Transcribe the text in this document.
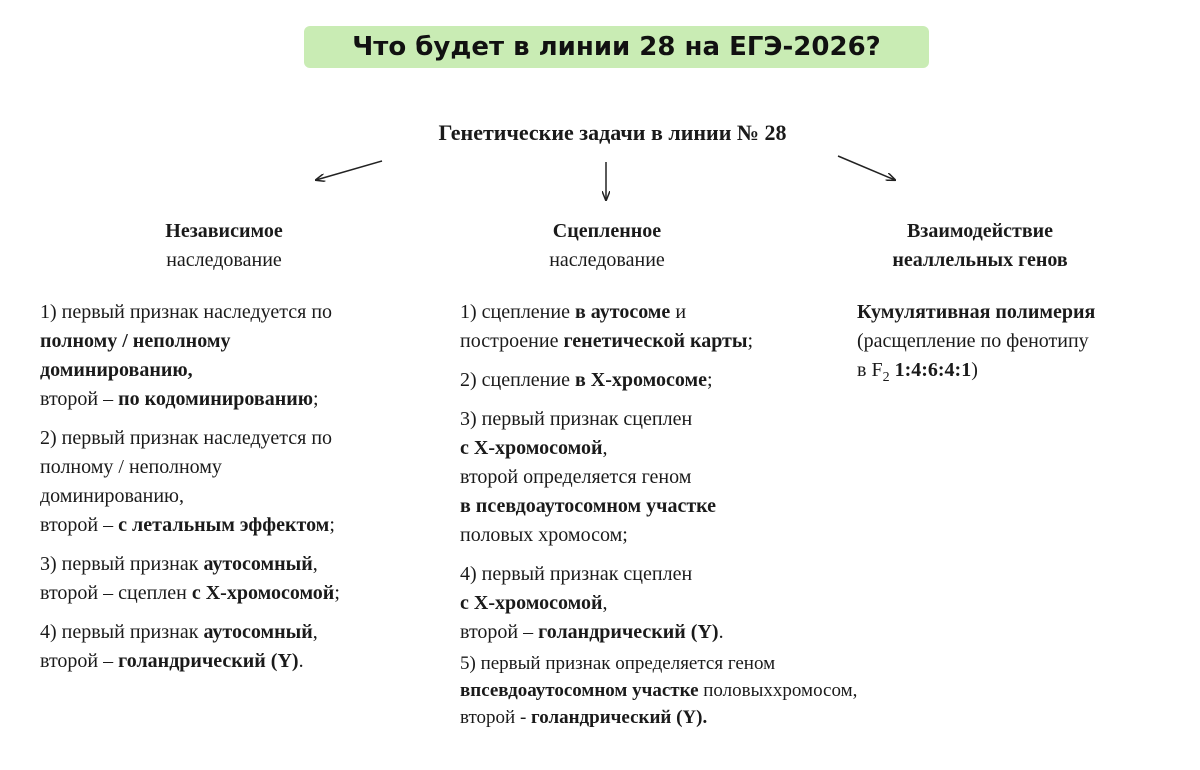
Что будет в линии 28 на ЕГЭ-2026?
Генетические задачи в линии № 28
Независимое
наследование
Сцепленное
наследование
Взаимодействие
неаллельных генов
1) первый признак наследуется по
полному / неполному
доминированию,
второй – по кодоминированию;
2) первый признак наследуется по
полному / неполному
доминированию,
второй – с летальным эффектом;
3) первый признак аутосомный,
второй – сцеплен с X-хромосомой;
4) первый признак аутосомный,
второй – голандрический (Y).
1) сцепление в аутосоме и
построение генетической карты;
2) сцепление в X-хромосоме;
3) первый признак сцеплен
с X-хромосомой,
второй определяется геном
в псевдоаутосомном участке
половых хромосом;
4) первый признак сцеплен
с X-хромосомой,
второй – голандрический (Y).
5) первый признак определяется геном впсевдоаутосомном участке половыххромосом, второй - голандрический (Y).
Кумулятивная полимерия
(расщепление по фенотипу
в $F_2$ 1:4:6:4:1)
